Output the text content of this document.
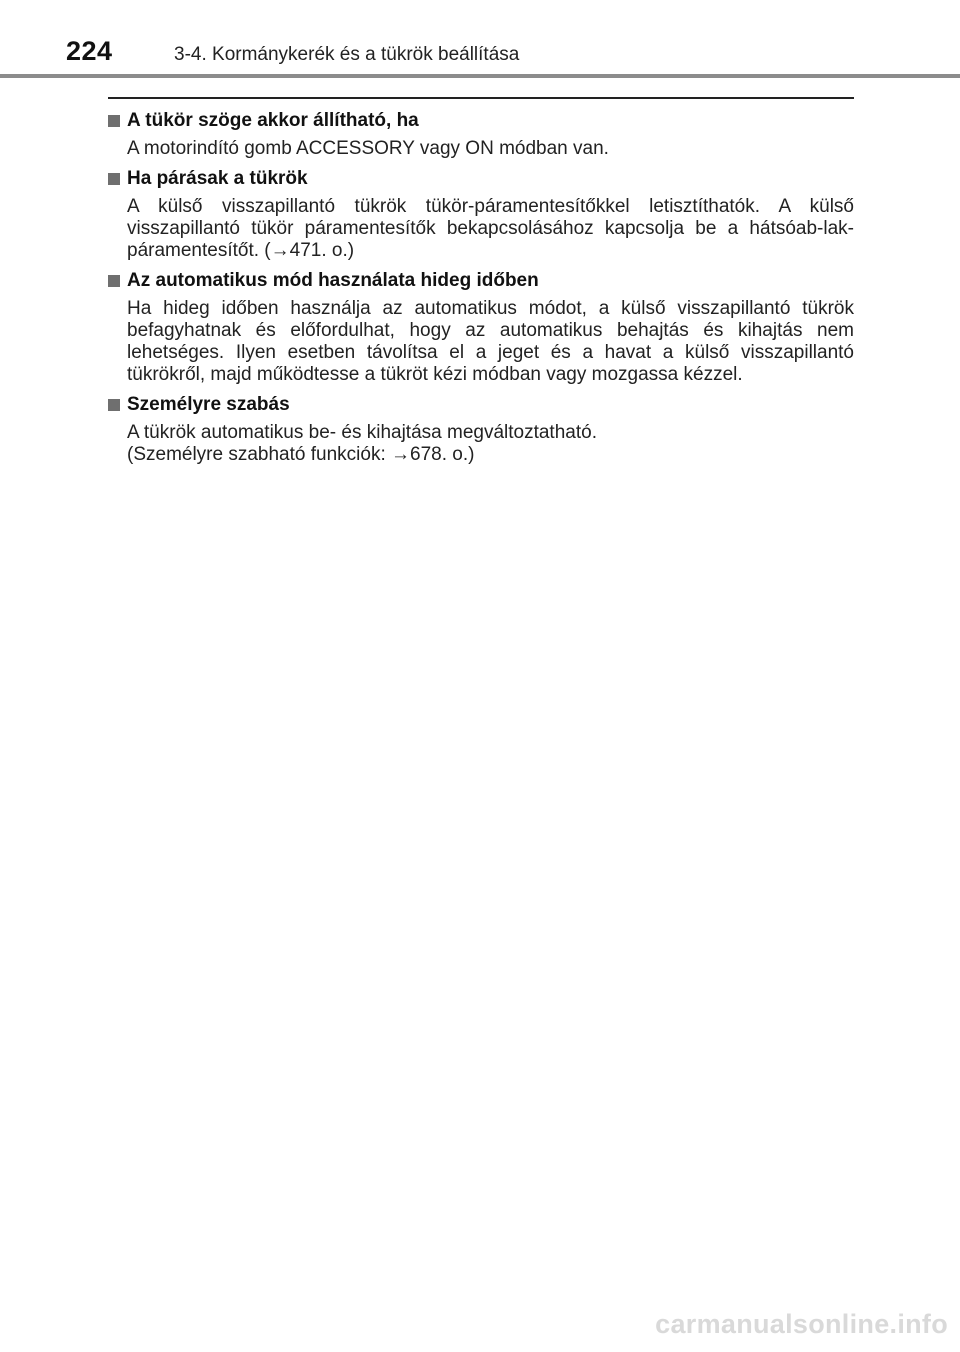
224	3-4. Kormánykerék és a tükrök beállítása
A tükör szöge akkor állítható, ha
A motorindító gomb ACCESSORY vagy ON módban van.
Ha párásak a tükrök
A külső visszapillantó tükrök tükör-páramentesítőkkel letisztíthatók. A külső visszapillantó tükör páramentesítők bekapcsolásához kapcsolja be a hátsóab-lak-páramentesítőt. (→471. o.)
Az automatikus mód használata hideg időben
Ha hideg időben használja az automatikus módot, a külső visszapillantó tükrök befagyhatnak és előfordulhat, hogy az automatikus behajtás és kihajtás nem lehetséges. Ilyen esetben távolítsa el a jeget és a havat a külső visszapillantó tükrökről, majd működtesse a tükröt kézi módban vagy mozgassa kézzel.
Személyre szabás
A tükrök automatikus be- és kihajtása megváltoztatható.
(Személyre szabható funkciók: →678. o.)
carmanualsonline.info
